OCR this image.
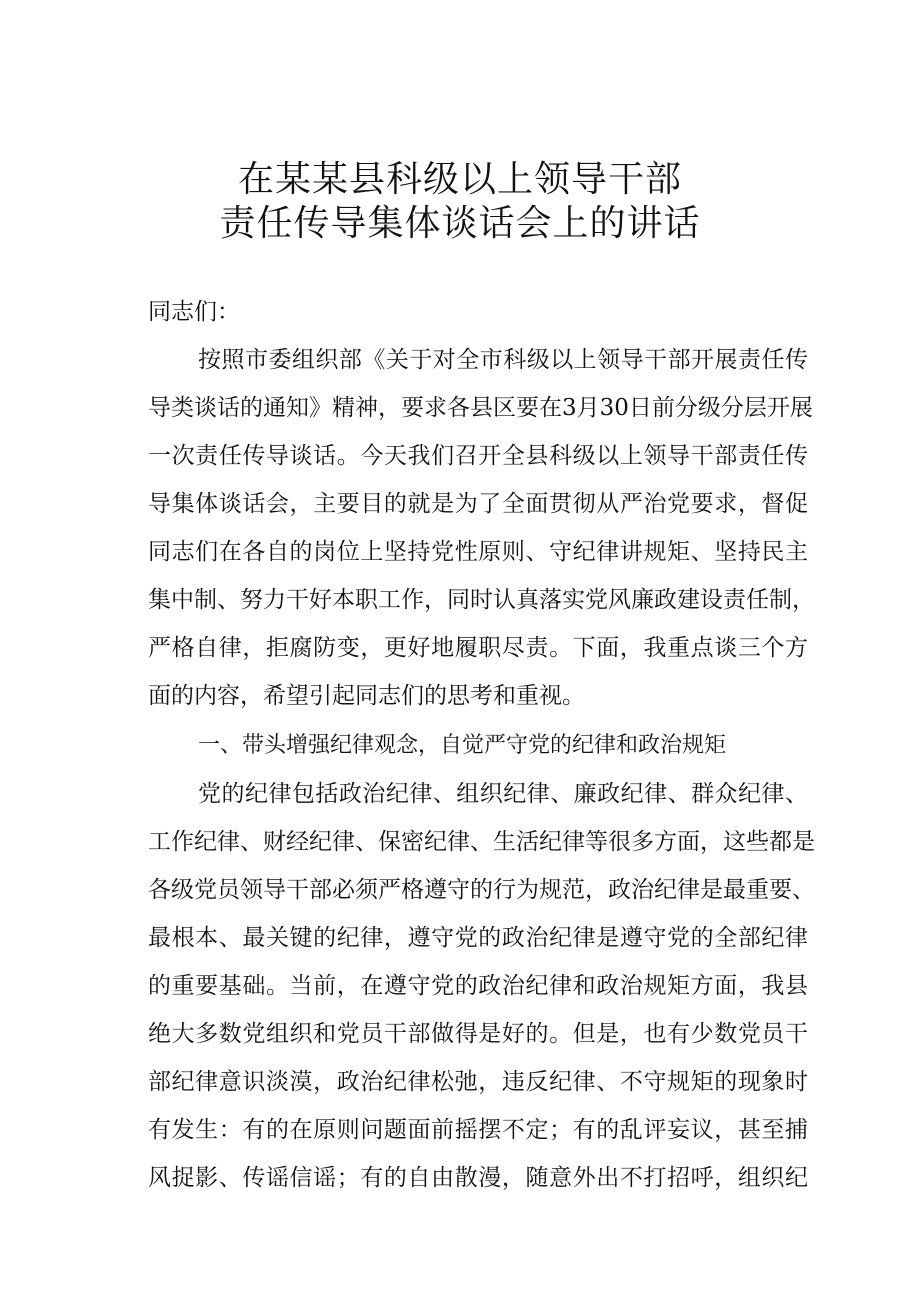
在某某县科级以上领导干部
责任传导集体谈话会上的讲话
同志们：
按照市委组织部《关于对全市科级以上领导干部开展责任传
导类谈话的通知》精神，要求各县区要在3月30日前分级分层开展
一次责任传导谈话。今天我们召开全县科级以上领导干部责任传
导集体谈话会，主要目的就是为了全面贯彻从严治党要求，督促
同志们在各自的岗位上坚持党性原则、守纪律讲规矩、坚持民主
集中制、努力干好本职工作，同时认真落实党风廉政建设责任制，
严格自律，拒腐防变，更好地履职尽责。下面，我重点谈三个方
面的内容，希望引起同志们的思考和重视。
一、带头增强纪律观念，自觉严守党的纪律和政治规矩
党的纪律包括政治纪律、组织纪律、廉政纪律、群众纪律、
工作纪律、财经纪律、保密纪律、生活纪律等很多方面，这些都是
各级党员领导干部必须严格遵守的行为规范，政治纪律是最重要、
最根本、最关键的纪律，遵守党的政治纪律是遵守党的全部纪律
的重要基础。当前，在遵守党的政治纪律和政治规矩方面，我县
绝大多数党组织和党员干部做得是好的。但是，也有少数党员干
部纪律意识淡漠，政治纪律松弛，违反纪律、不守规矩的现象时
有发生：有的在原则问题面前摇摆不定；有的乱评妄议，甚至捕
风捉影、传谣信谣；有的自由散漫，随意外出不打招呼，组织纪
